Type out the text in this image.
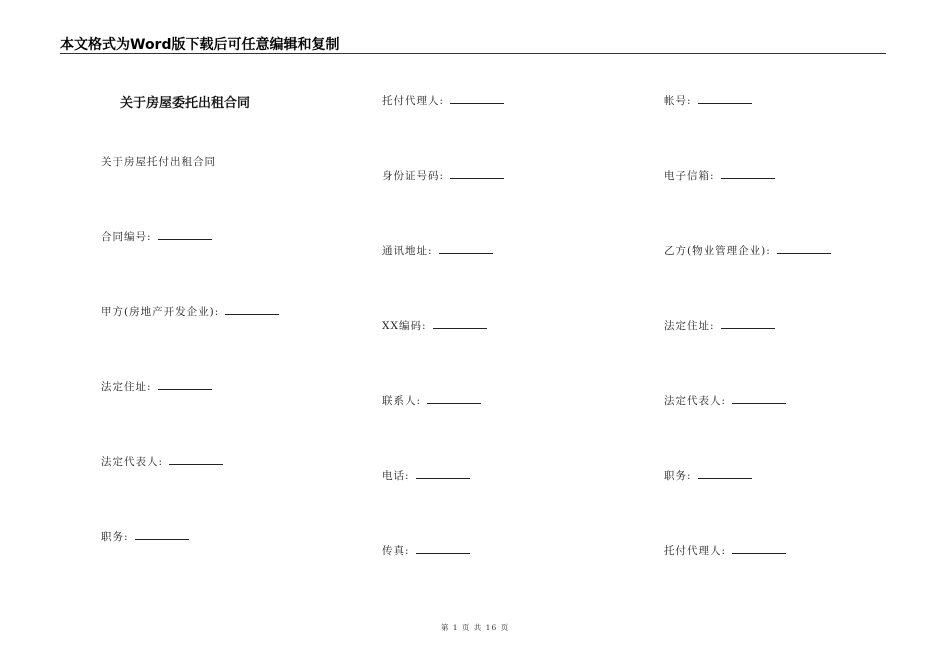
本文格式为Word版下载后可任意编辑和复制
关于房屋委托出租合同
关于房屋托付出租合同
合同编号:
甲方(房地产开发企业):
法定住址:
法定代表人:
职务:
托付代理人:
身份证号码:
通讯地址:
XX编码:
联系人:
电话:
传真:
帐号:
电子信箱:
乙方(物业管理企业):
法定住址:
法定代表人:
职务:
托付代理人:
第 1 页 共 16 页
